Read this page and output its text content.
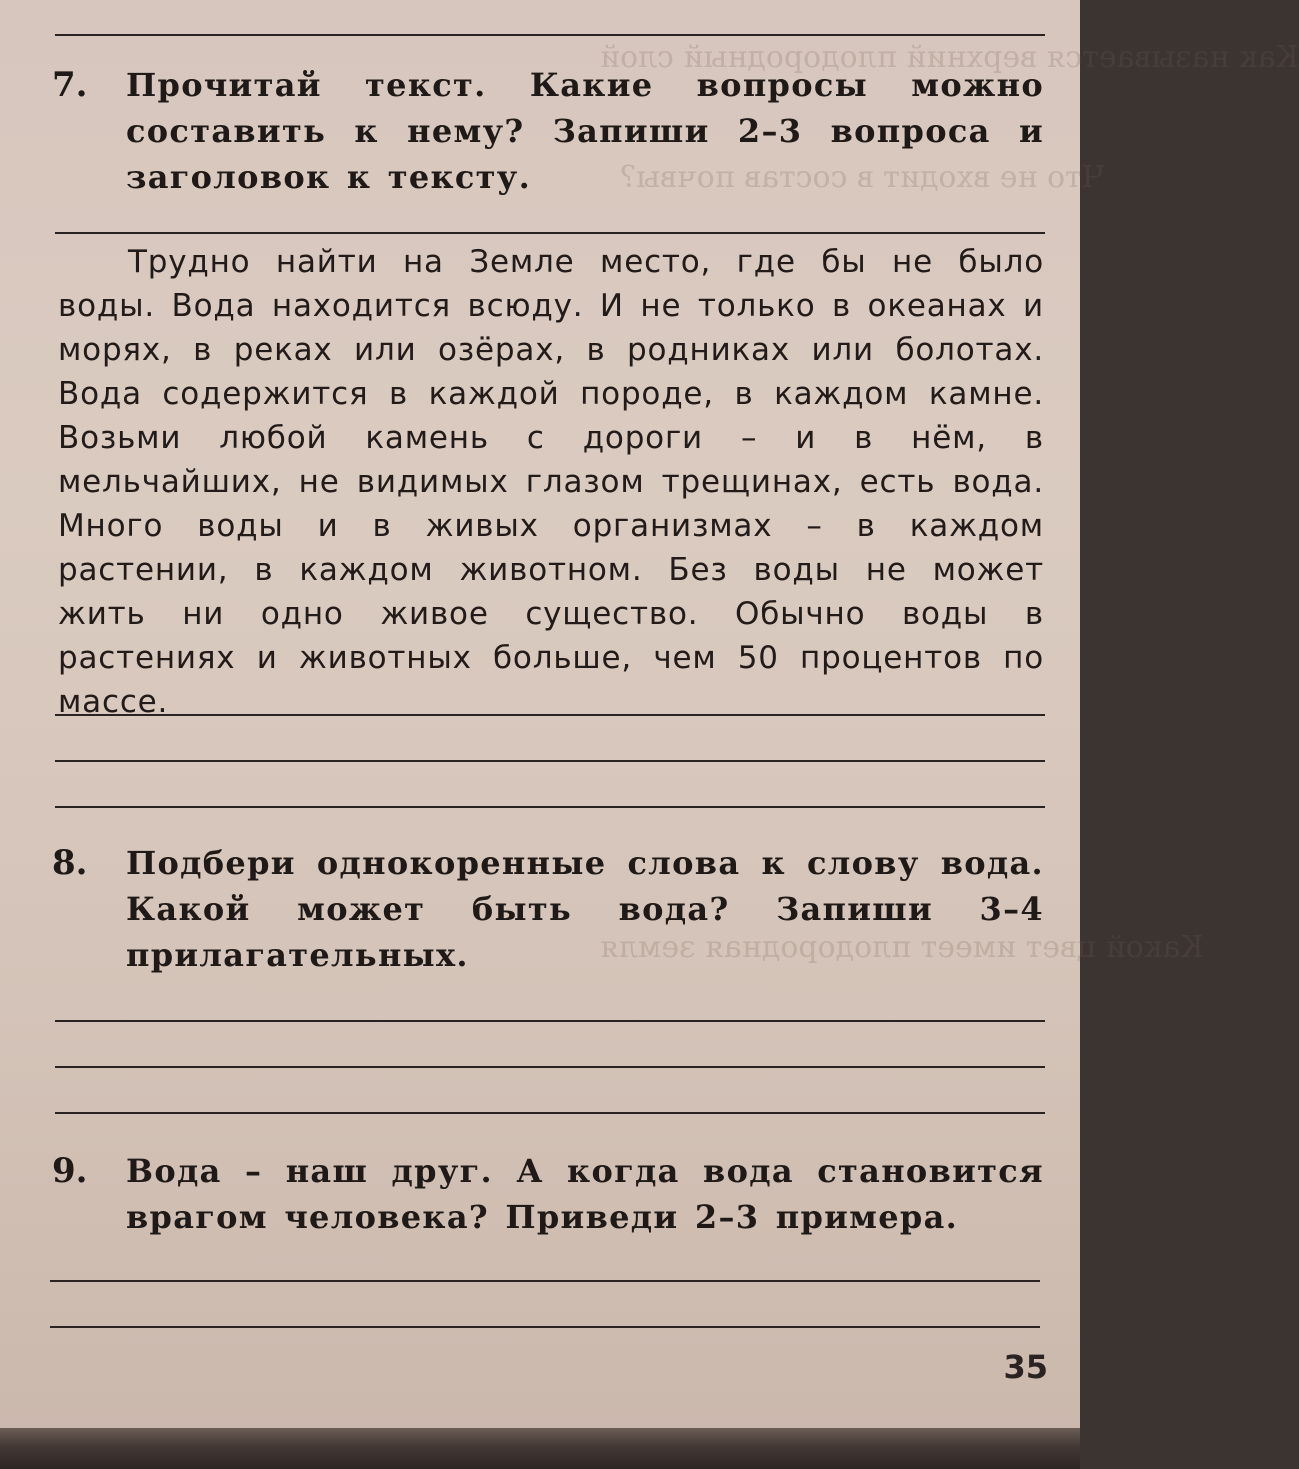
Как называется верхний плодородный слой
Что не входит в состав почвы?
Какой цвет имеет плодородная земля
7.	Прочитай текст. Какие вопросы можно составить к нему? Запиши 2–3 вопроса и заголовок к тексту.
Трудно найти на Земле место, где бы не было воды. Вода находится всюду. И не только в океанах и морях, в реках или озёрах, в родниках или болотах. Вода содержится в каждой породе, в каждом камне. Возьми любой камень с дороги – и в нём, в мельчайших, не видимых глазом трещинах, есть вода. Много воды и в живых организмах – в каждом растении, в каждом животном. Без воды не может жить ни одно живое существо. Обычно воды в растениях и животных больше, чем 50 процентов по массе.
8.	Подбери однокоренные слова к слову вода. Какой может быть вода? Запиши 3–4 прилагательных.
9.	Вода – наш друг. А когда вода становится врагом человека? Приведи 2–3 примера.
35
